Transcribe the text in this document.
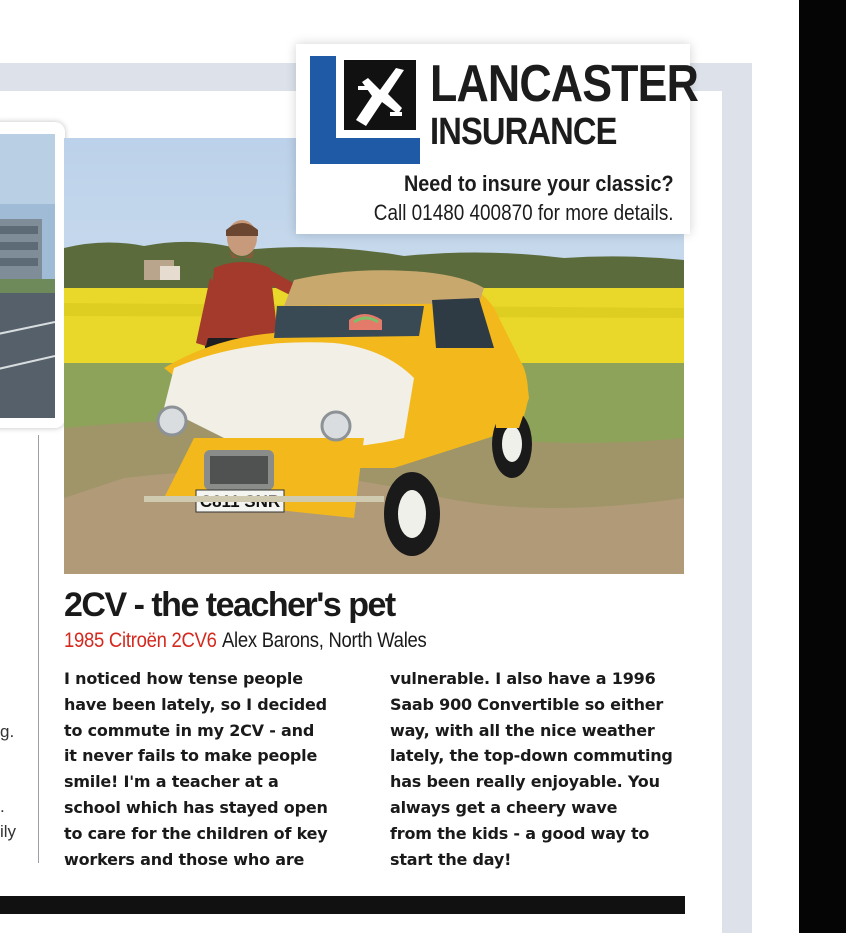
g.
.
ily
LANCASTER
INSURANCE
Need to insure your classic?
Call 01480 400870 for more details.
2CV - the teacher's pet
1985 Citroën 2CV6 Alex Barons, North Wales
I noticed how tense people
have been lately, so I decided
to commute in my 2CV - and
it never fails to make people
smile! I'm a teacher at a
school which has stayed open
to care for the children of key
workers and those who are
vulnerable. I also have a 1996
Saab 900 Convertible so either
way, with all the nice weather
lately, the top-down commuting
has been really enjoyable. You
always get a cheery wave
from the kids - a good way to
start the day!
